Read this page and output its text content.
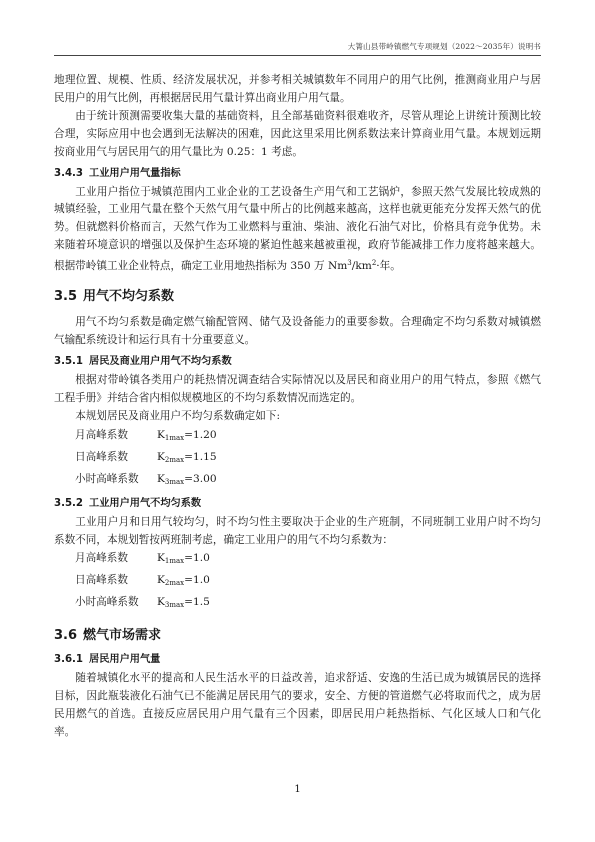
大箐山县带岭镇燃气专项规划（2022～2035年）说明书

地理位置、规模、性质、经济发展状况，并参考相关城镇数年不同用户的用气比例，推测商业用户与居民用户的用气比例，再根据居民用气量计算出商业用户用气量。

由于统计预测需要收集大量的基础资料，且全部基础资料很难收齐，尽管从理论上讲统计预测比较合理，实际应用中也会遇到无法解决的困难，因此这里采用比例系数法来计算商业用气量。本规划远期按商业用气与居民用气的用气量比为 0.25：1 考虑。

3.4.3 工业用户用气量指标

工业用户指位于城镇范围内工业企业的工艺设备生产用气和工艺锅炉，参照天然气发展比较成熟的城镇经验，工业用气量在整个天然气用气量中所占的比例越来越高，这样也就更能充分发挥天然气的优势。但就燃料价格而言，天然气作为工业燃料与重油、柴油、液化石油气对比，价格具有竞争优势。未来随着环境意识的增强以及保护生态环境的紧迫性越来越被重视，政府节能减排工作力度将越来越大。根据带岭镇工业企业特点，确定工业用地热指标为 350 万 $Nm^3/km^2\cdot$年。

3.5 用气不均匀系数

用气不均匀系数是确定燃气输配管网、储气及设备能力的重要参数。合理确定不均匀系数对城镇燃气输配系统设计和运行具有十分重要意义。

3.5.1 居民及商业用户用气不均匀系数

根据对带岭镇各类用户的耗热情况调查结合实际情况以及居民和商业用户的用气特点，参照《燃气工程手册》并结合省内相似规模地区的不均匀系数情况而选定的。

本规划居民及商业用户不均匀系数确定如下:

月高峰系数	$K_{1max}=1.20$
日高峰系数	$K_{2max}=1.15$
小时高峰系数	$K_{3max}=3.00$
3.5.2 工业用户用气不均匀系数

工业用户月和日用气较均匀，时不均匀性主要取决于企业的生产班制，不同班制工业用户时不均匀系数不同，本规划暂按两班制考虑，确定工业用户的用气不均匀系数为：

月高峰系数	$K_{1max}=1.0$
日高峰系数	$K_{2max}=1.0$
小时高峰系数	$K_{3max}=1.5$
3.6 燃气市场需求
3.6.1 居民用户用气量

随着城镇化水平的提高和人民生活水平的日益改善，追求舒适、安逸的生活已成为城镇居民的选择目标，因此瓶装液化石油气已不能满足居民用气的要求，安全、方便的管道燃气必将取而代之，成为居民用燃气的首选。直接反应居民用户用气量有三个因素，即居民用户耗热指标、气化区域人口和气化率。

1
